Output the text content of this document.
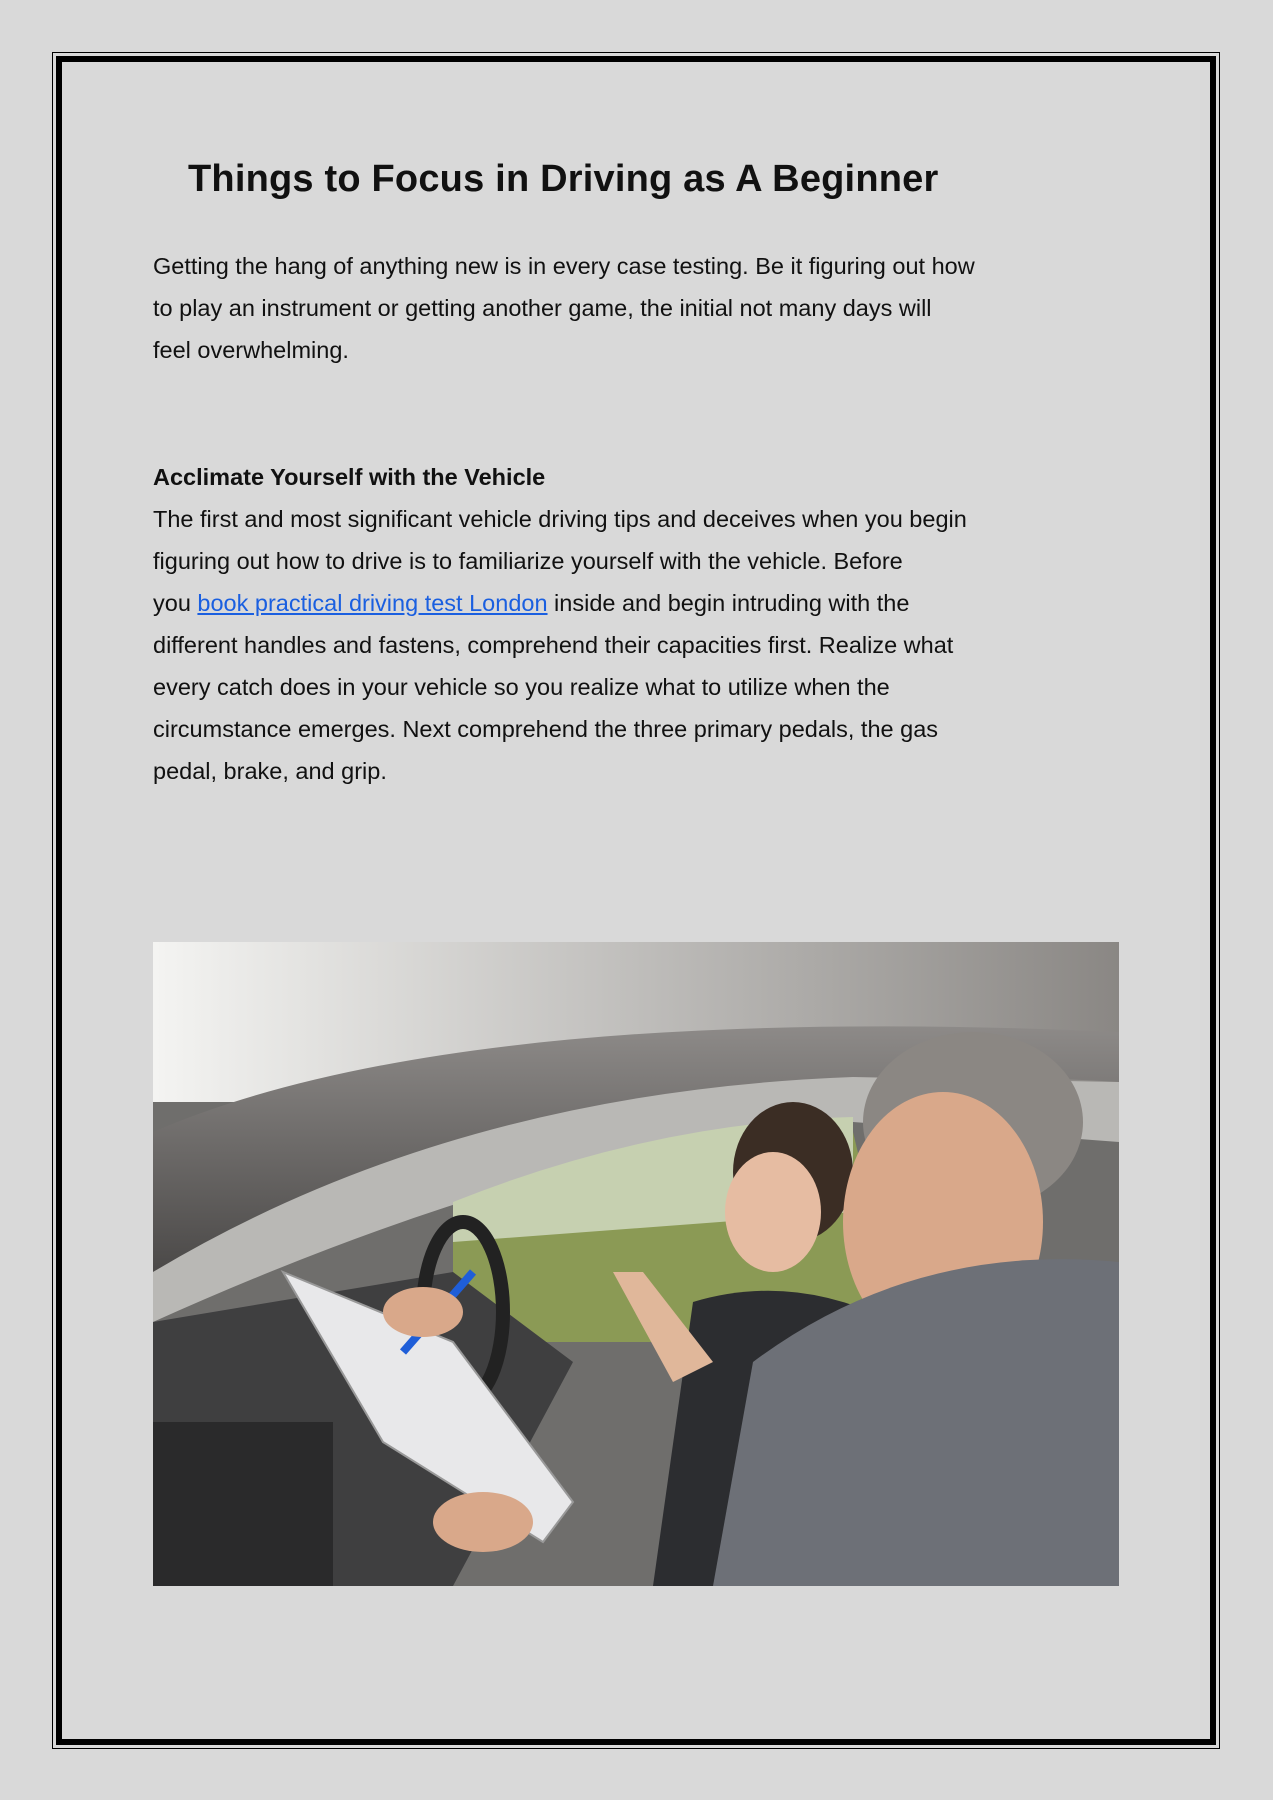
Things to Focus in Driving as A Beginner
Getting the hang of anything new is in every case testing. Be it figuring out how
to play an instrument or getting another game, the initial not many days will
feel overwhelming.
Acclimate Yourself with the Vehicle
The first and most significant vehicle driving tips and deceives when you begin
figuring out how to drive is to familiarize yourself with the vehicle. Before
you book practical driving test London inside and begin intruding with the
different handles and fastens, comprehend their capacities first. Realize what
every catch does in your vehicle so you realize what to utilize when the
circumstance emerges. Next comprehend the three primary pedals, the gas
pedal, brake, and grip.
